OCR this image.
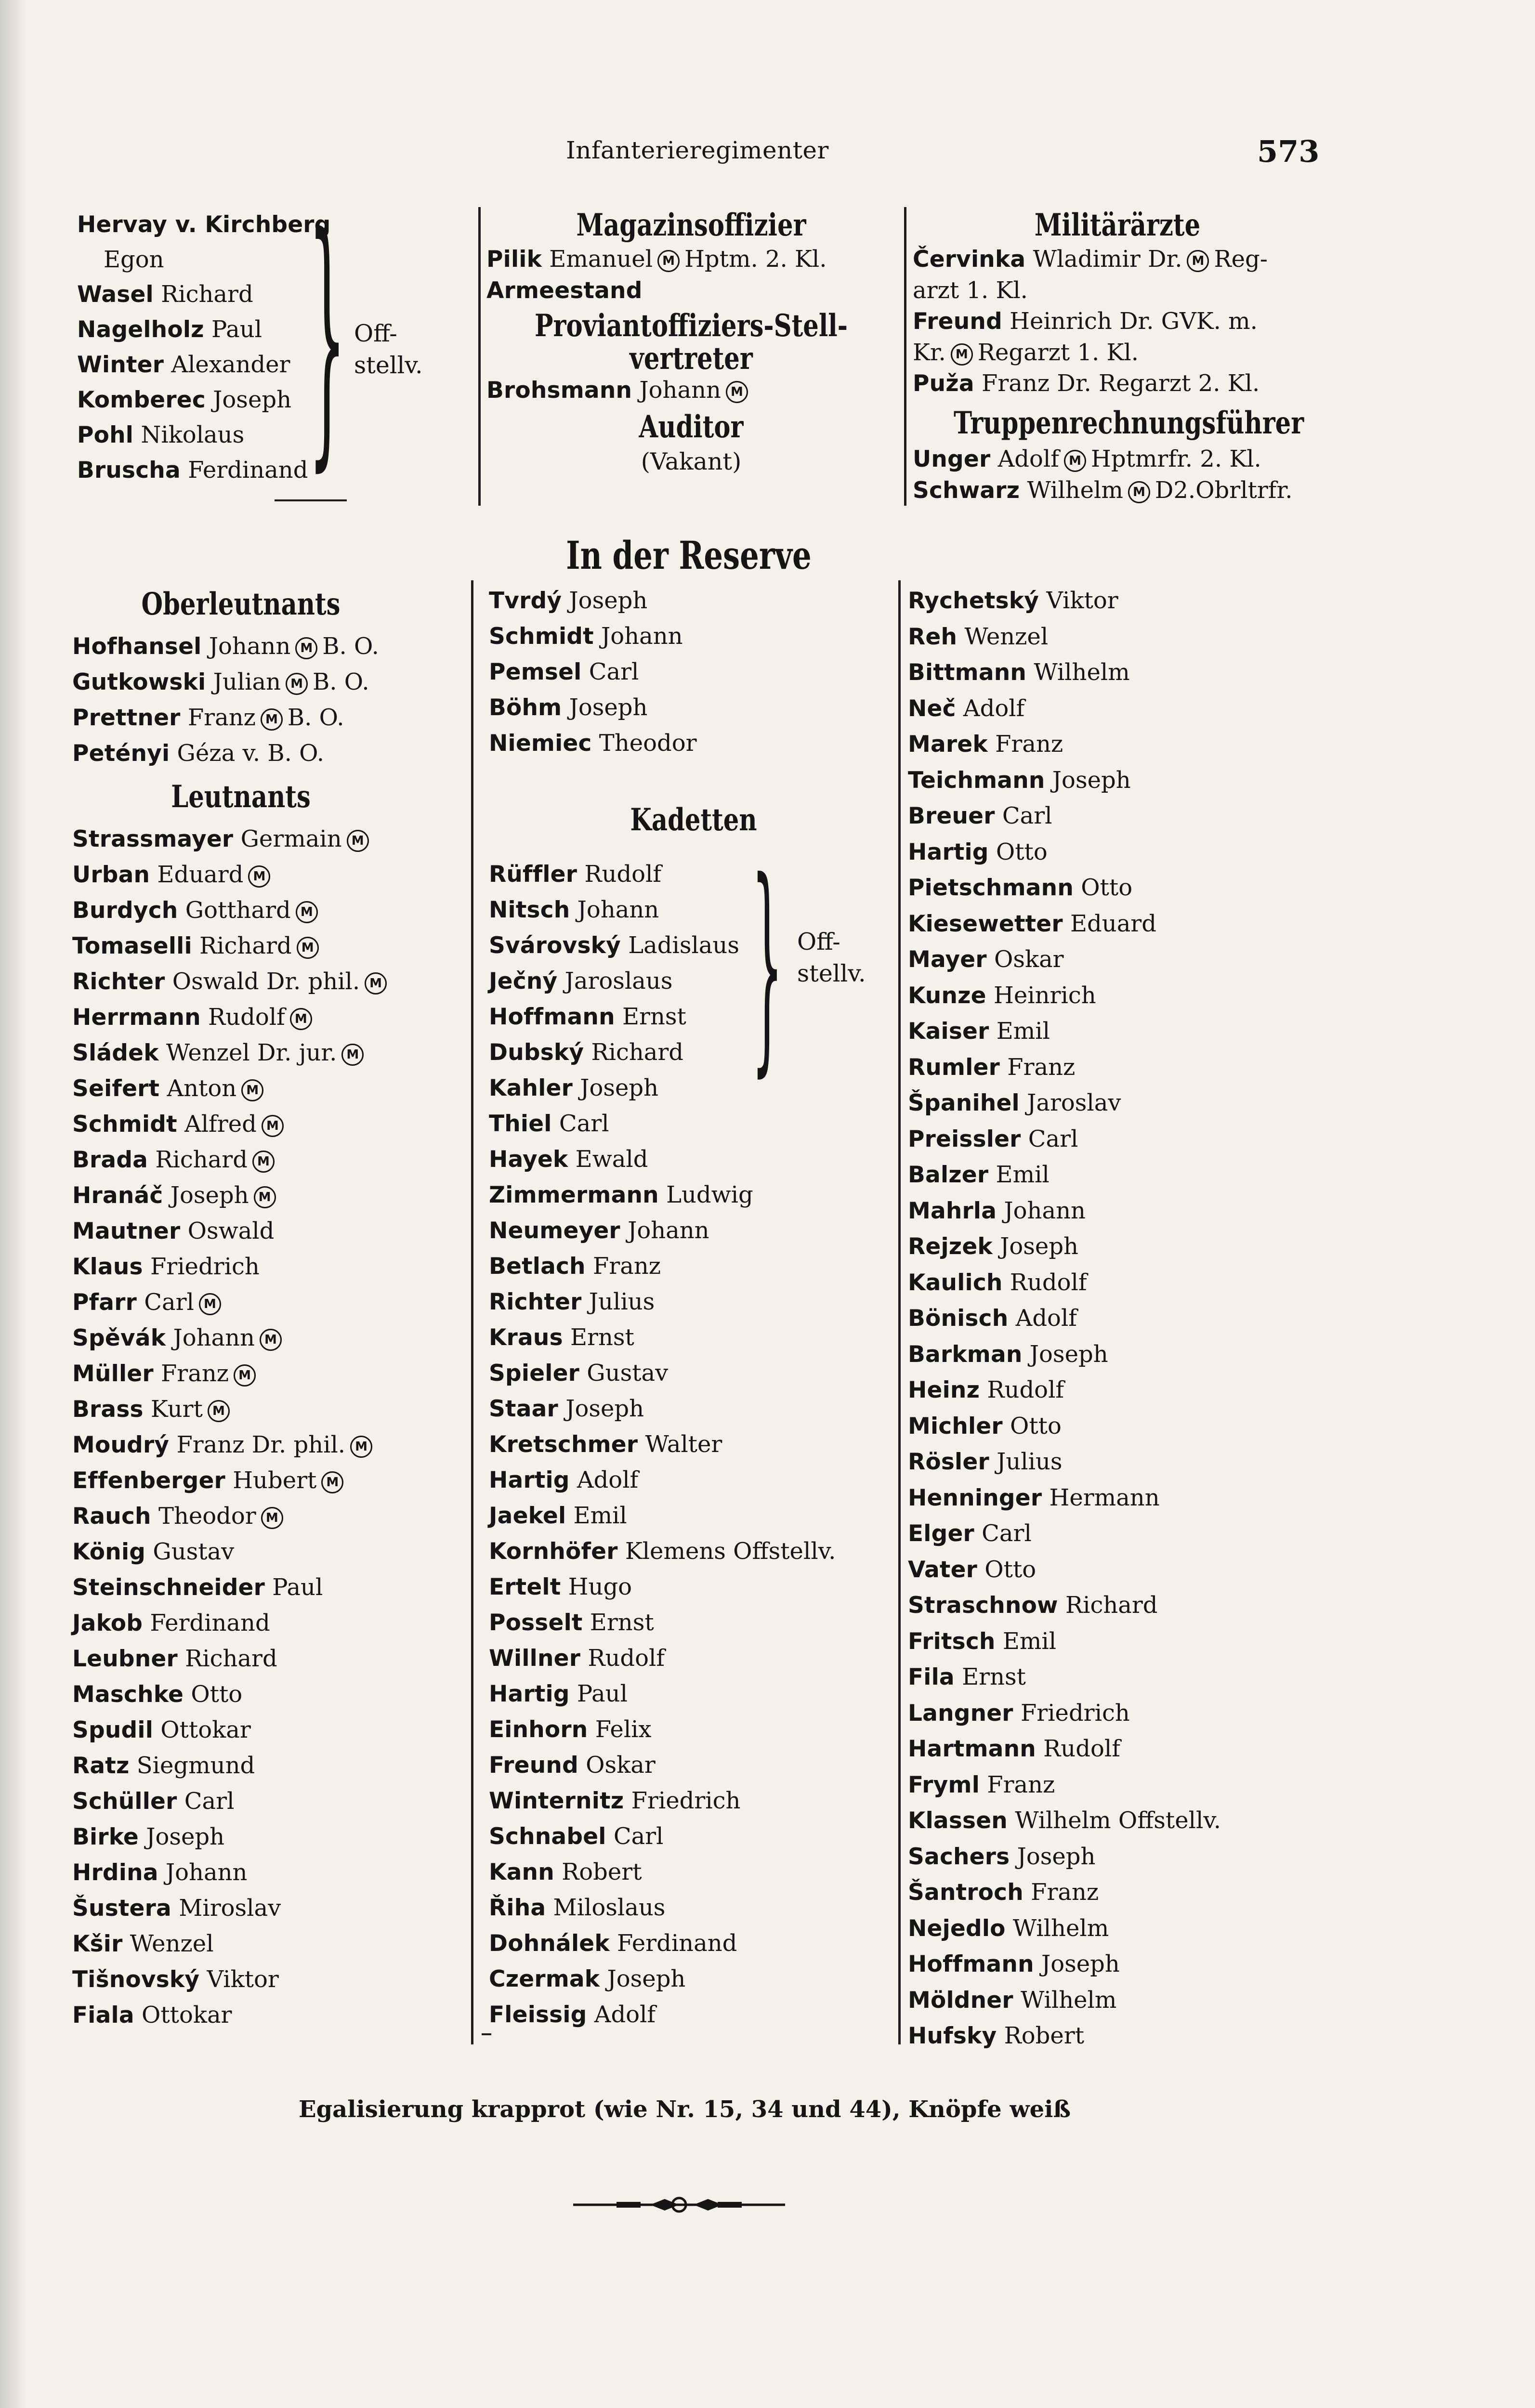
Infanterieregimenter	573
Hervay v. Kirchberg
Egon
Wasel Richard
Nagelholz Paul
Winter Alexander
Komberec Joseph
Pohl Nikolaus
Bruscha Ferdinand } Off-
stellv.
Magazinsoffizier
Pilik Emanuel M Hptm. 2. Kl.
Armeestand
Proviantoffiziers-Stell-
vertreter
Brohsmann Johann M
Auditor
(Vakant)
Militärärzte
Červinka Wladimir Dr. M Reg-
arzt 1. Kl.
Freund Heinrich Dr. GVK. m.
Kr. M Regarzt 1. Kl.
Puža Franz Dr. Regarzt 2. Kl.
Truppenrechnungsführer
Unger Adolf M Hptmrfr. 2. Kl.
Schwarz Wilhelm M D2.Obrltrfr.
In der Reserve
Oberleutnants
Hofhansel Johann M B. O.
Gutkowski Julian M B. O.
Prettner Franz M B. O.
Petényi Géza v. B. O.
Leutnants
Strassmayer Germain M
Urban Eduard M
Burdych Gotthard M
Tomaselli Richard M
Richter Oswald Dr. phil. M
Herrmann Rudolf M
Sládek Wenzel Dr. jur. M
Seifert Anton M
Schmidt Alfred M
Brada Richard M
Hranáč Joseph M
Mautner Oswald
Klaus Friedrich
Pfarr Carl M
Spěvák Johann M
Müller Franz M
Brass Kurt M
Moudrý Franz Dr. phil. M
Effenberger Hubert M
Rauch Theodor M
König Gustav
Steinschneider Paul
Jakob Ferdinand
Leubner Richard
Maschke Otto
Spudil Ottokar
Ratz Siegmund
Schüller Carl
Birke Joseph
Hrdina Johann
Šustera Miroslav
Kšir Wenzel
Tišnovský Viktor
Fiala Ottokar
Tvrdý Joseph
Schmidt Johann
Pemsel Carl
Böhm Joseph
Niemiec Theodor
Kadetten
Rüffler Rudolf
Nitsch Johann
Svárovský Ladislaus
Ječný Jaroslaus
Hoffmann Ernst
Dubský Richard } Off-
stellv.
Kahler Joseph
Thiel Carl
Hayek Ewald
Zimmermann Ludwig
Neumeyer Johann
Betlach Franz
Richter Julius
Kraus Ernst
Spieler Gustav
Staar Joseph
Kretschmer Walter
Hartig Adolf
Jaekel Emil
Kornhöfer Klemens Offstellv.
Ertelt Hugo
Posselt Ernst
Willner Rudolf
Hartig Paul
Einhorn Felix
Freund Oskar
Winternitz Friedrich
Schnabel Carl
Kann Robert
Řiha Miloslaus
Dohnálek Ferdinand
Czermak Joseph
Fleissig Adolf
Rychetský Viktor
Reh Wenzel
Bittmann Wilhelm
Neč Adolf
Marek Franz
Teichmann Joseph
Breuer Carl
Hartig Otto
Pietschmann Otto
Kiesewetter Eduard
Mayer Oskar
Kunze Heinrich
Kaiser Emil
Rumler Franz
Španihel Jaroslav
Preissler Carl
Balzer Emil
Mahrla Johann
Rejzek Joseph
Kaulich Rudolf
Bönisch Adolf
Barkman Joseph
Heinz Rudolf
Michler Otto
Rösler Julius
Henninger Hermann
Elger Carl
Vater Otto
Straschnow Richard
Fritsch Emil
Fila Ernst
Langner Friedrich
Hartmann Rudolf
Fryml Franz
Klassen Wilhelm Offstellv.
Sachers Joseph
Šantroch Franz
Nejedlo Wilhelm
Hoffmann Joseph
Möldner Wilhelm
Hufsky Robert
Egalisierung krapprot (wie Nr. 15, 34 und 44), Knöpfe weiß
